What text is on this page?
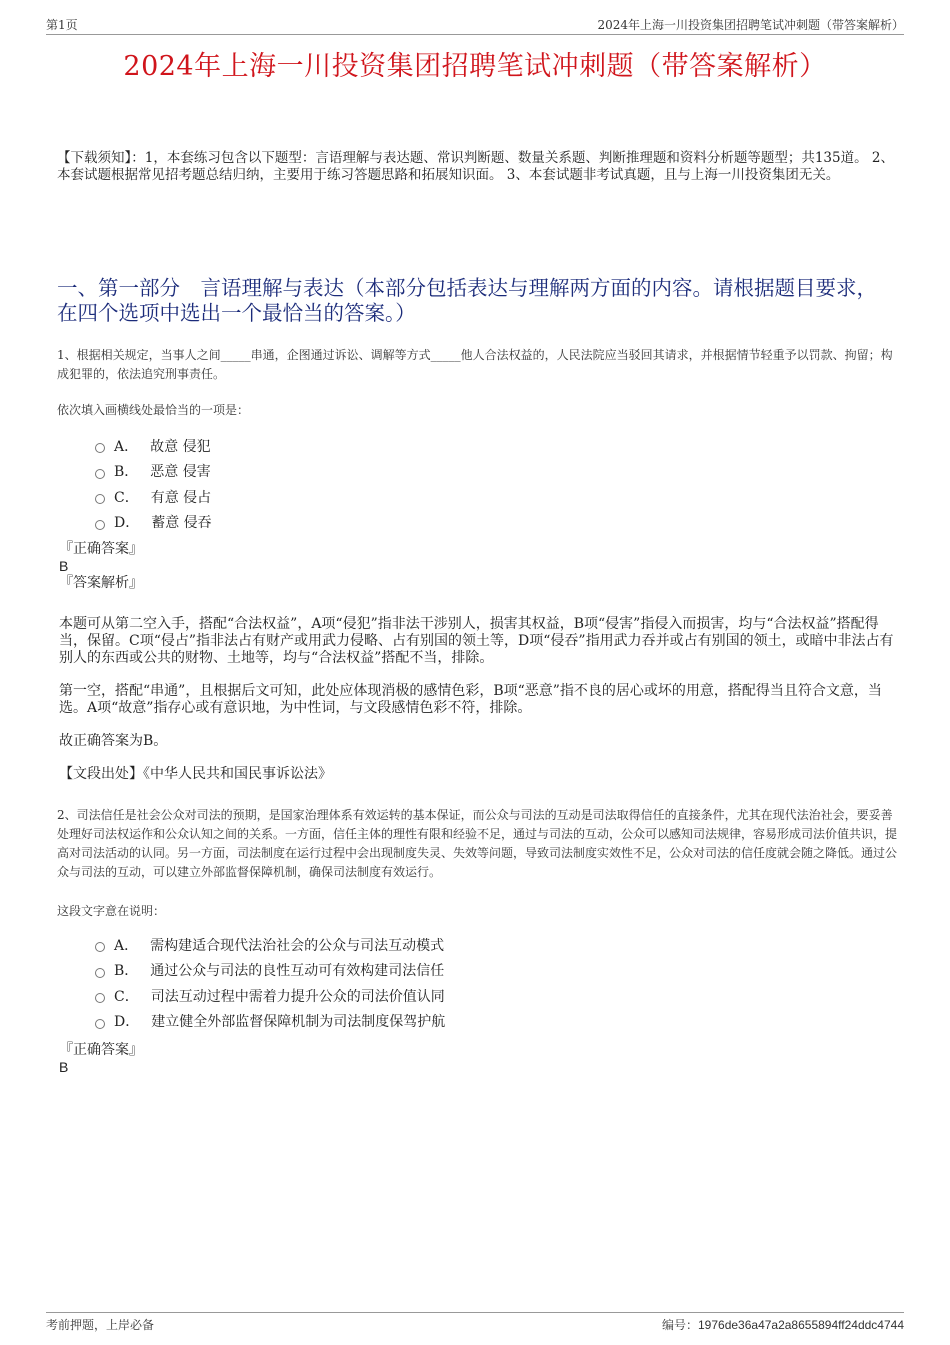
第1页	2024年上海一川投资集团招聘笔试冲刺题（带答案解析）
2024年上海一川投资集团招聘笔试冲刺题（带答案解析）
【下载须知】：1，本套练习包含以下题型：言语理解与表达题、常识判断题、数量关系题、判断推理题和资料分析题等题型；共135道。 2、本套试题根据常见招考题总结归纳，主要用于练习答题思路和拓展知识面。 3、本套试题非考试真题，且与上海一川投资集团无关。
一、第一部分　言语理解与表达（本部分包括表达与理解两方面的内容。请根据题目要求，在四个选项中选出一个最恰当的答案。）
1、根据相关规定，当事人之间_____串通，企图通过诉讼、调解等方式_____他人合法权益的，人民法院应当驳回其请求，并根据情节轻重予以罚款、拘留；构成犯罪的，依法追究刑事责任。
依次填入画横线处最恰当的一项是：
A． 故意 侵犯
B． 恶意 侵害
C． 有意 侵占
D． 蓄意 侵吞

『正确答案』

B

『答案解析』

本题可从第二空入手，搭配“合法权益”，A项“侵犯”指非法干涉别人，损害其权益，B项“侵害”指侵入而损害，均与“合法权益”搭配得当，保留。C项“侵占”指非法占有财产或用武力侵略、占有别国的领土等，D项“侵吞”指用武力吞并或占有别国的领土，或暗中非法占有别人的东西或公共的财物、土地等，均与“合法权益”搭配不当，排除。

第一空，搭配“串通”，且根据后文可知，此处应体现消极的感情色彩，B项“恶意”指不良的居心或坏的用意，搭配得当且符合文意，当选。A项“故意”指存心或有意识地，为中性词，与文段感情色彩不符，排除。

故正确答案为B。

【文段出处】《中华人民共和国民事诉讼法》

2、司法信任是社会公众对司法的预期，是国家治理体系有效运转的基本保证，而公众与司法的互动是司法取得信任的直接条件，尤其在现代法治社会，要妥善处理好司法权运作和公众认知之间的关系。一方面，信任主体的理性有限和经验不足，通过与司法的互动，公众可以感知司法规律，容易形成司法价值共识，提高对司法活动的认同。另一方面，司法制度在运行过程中会出现制度失灵、失效等问题，导致司法制度实效性不足，公众对司法的信任度就会随之降低。通过公众与司法的互动，可以建立外部监督保障机制，确保司法制度有效运行。
这段文字意在说明：
A． 需构建适合现代法治社会的公众与司法互动模式
B． 通过公众与司法的良性互动可有效构建司法信任
C． 司法互动过程中需着力提升公众的司法价值认同
D． 建立健全外部监督保障机制为司法制度保驾护航

『正确答案』

B

考前押题，上岸必备	编号：1976de36a47a2a8655894ff24ddc4744
